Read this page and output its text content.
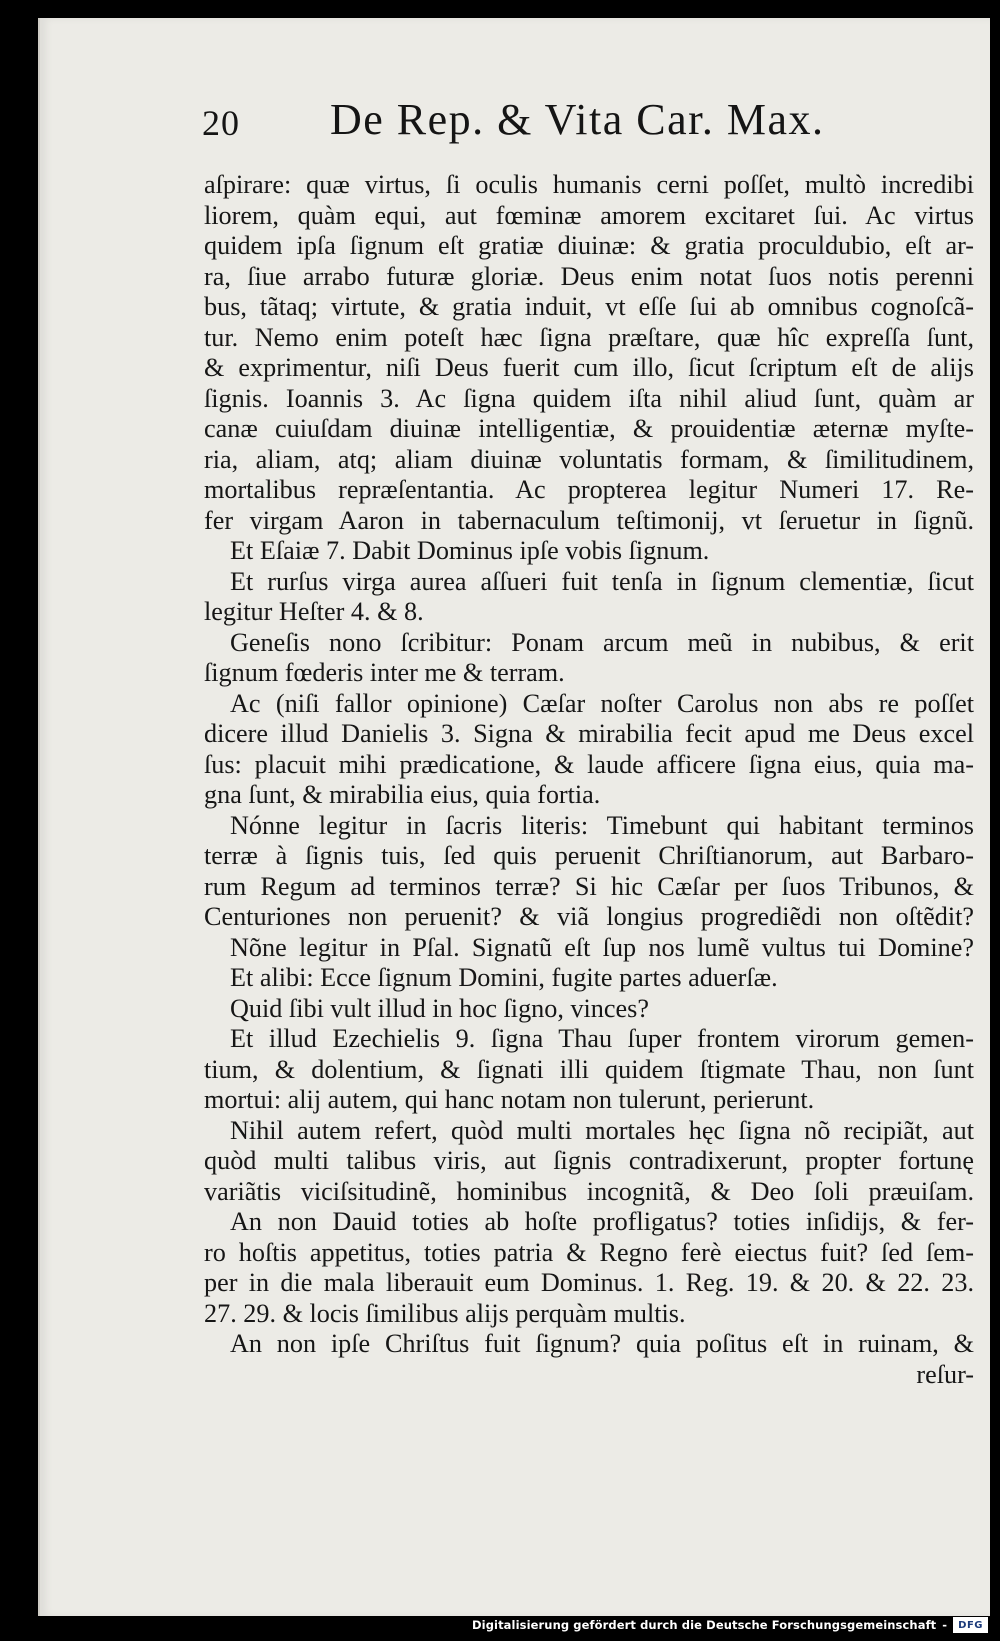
20 De Rep. & Vita Car. Max.
aſpirare: quæ virtus, ſi oculis humanis cerni poſſet, multò incredibi
liorem, quàm equi, aut fœminæ amorem excitaret ſui. Ac virtus
quidem ipſa ſignum eſt gratiæ diuinæ: & gratia proculdubio, eſt ar-
ra, ſiue arrabo futuræ gloriæ. Deus enim notat ſuos notis perenni
bus, tãtaq; virtute, & gratia induit, vt eſſe ſui ab omnibus cognoſcã-
tur. Nemo enim poteſt hæc ſigna præſtare, quæ hîc expreſſa ſunt,
& exprimentur, niſi Deus fuerit cum illo, ſicut ſcriptum eſt de alijs
ſignis. Ioannis 3. Ac ſigna quidem iſta nihil aliud ſunt, quàm ar
canæ cuiuſdam diuinæ intelligentiæ, & prouidentiæ æternæ myſte-
ria, aliam, atq; aliam diuinæ voluntatis formam, & ſimilitudinem,
mortalibus repræſentantia. Ac propterea legitur Numeri 17. Re-
fer virgam Aaron in tabernaculum teſtimonij, vt ſeruetur in ſignũ.
Et Eſaiæ 7. Dabit Dominus ipſe vobis ſignum.
Et rurſus virga aurea aſſueri fuit tenſa in ſignum clementiæ, ſicut
legitur Heſter 4. & 8.
Geneſis nono ſcribitur: Ponam arcum meũ in nubibus, & erit
ſignum fœderis inter me & terram.
Ac (niſi fallor opinione) Cæſar noſter Carolus non abs re poſſet
dicere illud Danielis 3. Signa & mirabilia fecit apud me Deus excel
ſus: placuit mihi prædicatione, & laude afficere ſigna eius, quia ma-
gna ſunt, & mirabilia eius, quia fortia.
Nónne legitur in ſacris literis: Timebunt qui habitant terminos
terræ à ſignis tuis, ſed quis peruenit Chriſtianorum, aut Barbaro-
rum Regum ad terminos terræ? Si hic Cæſar per ſuos Tribunos, &
Centuriones non peruenit? & viã longius progrediẽdi non oſtẽdit?
Nõne legitur in Pſal. Signatũ eſt ſup nos lumẽ vultus tui Domine?
Et alibi: Ecce ſignum Domini, fugite partes aduerſæ.
Quid ſibi vult illud in hoc ſigno, vinces?
Et illud Ezechielis 9. ſigna Thau ſuper frontem virorum gemen-
tium, & dolentium, & ſignati illi quidem ſtigmate Thau, non ſunt
mortui: alij autem, qui hanc notam non tulerunt, perierunt.
Nihil autem refert, quòd multi mortales hęc ſigna nõ recipiãt, aut
quòd multi talibus viris, aut ſignis contradixerunt, propter fortunę
variãtis viciſsitudinẽ, hominibus incognitã, & Deo ſoli præuiſam.
An non Dauid toties ab hoſte profligatus? toties inſidijs, & fer-
ro hoſtis appetitus, toties patria & Regno ferè eiectus fuit? ſed ſem-
per in die mala liberauit eum Dominus. 1. Reg. 19. & 20. & 22. 23.
27. 29. & locis ſimilibus alijs perquàm multis.
An non ipſe Chriſtus fuit ſignum? quia poſitus eſt in ruinam, &
reſur-
Digitalisierung gefördert durch die Deutsche Forschungsgemeinschaft -	DFG
